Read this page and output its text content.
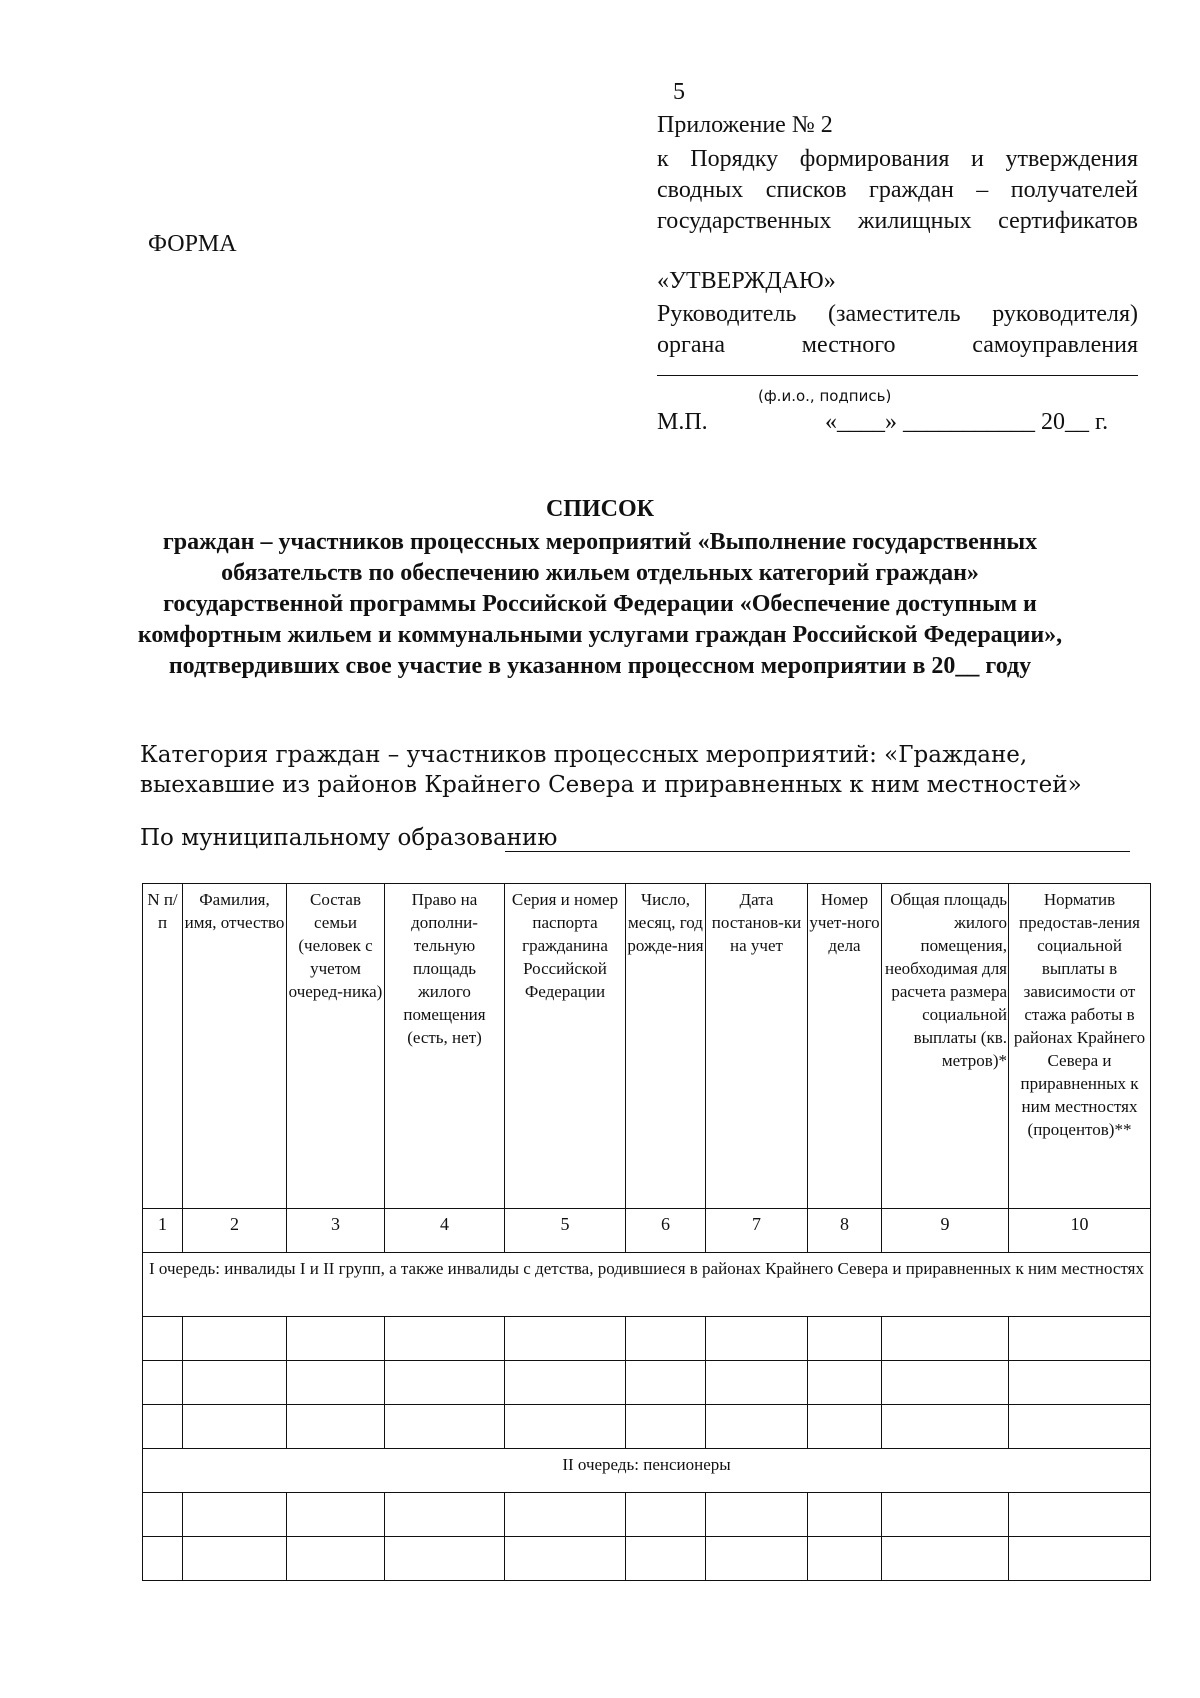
5
Приложение № 2
к Порядку формирования и утверждения сводных списков граждан – получателей государственных жилищных сертификатов
ФОРМА
«УТВЕРЖДАЮ»
Руководитель (заместитель руководителя) органа местного самоуправления
(ф.и.о., подпись)
М.П.	«____» ___________ 20__ г.
СПИСОК
граждан – участников процессных мероприятий «Выполнение государственных обязательств по обеспечению жильем отдельных категорий граждан» государственной программы Российской Федерации «Обеспечение доступным и комфортным жильем и коммунальными услугами граждан Российской Федерации», подтвердивших свое участие в указанном процессном мероприятии в 20__ году
Категория граждан – участников процессных мероприятий: «Граждане, выехавшие из районов Крайнего Севера и приравненных к ним местностей»
По муниципальному образованию
N п/п	Фамилия, имя, отчество	Состав семьи (человек с учетом очеред-ника)	Право на дополни-тельную площадь жилого помещения (есть, нет)	Серия и номер паспорта гражданина Российской Федерации	Число, месяц, год рожде-ния	Дата постанов-ки на учет	Номер учет-ного дела	Общая площадь жилого помещения, необходимая для расчета размера социальной выплаты (кв. метров)*	Норматив предостав-ления социальной выплаты в зависимости от стажа работы в районах Крайнего Севера и приравненных к ним местностях (процентов)**
1	2	3	4	5	6	7	8	9	10
I очередь: инвалиды I и II групп, а также инвалиды с детства, родившиеся в районах Крайнего Севера и приравненных к ним местностях									

II очередь: пенсионеры									
